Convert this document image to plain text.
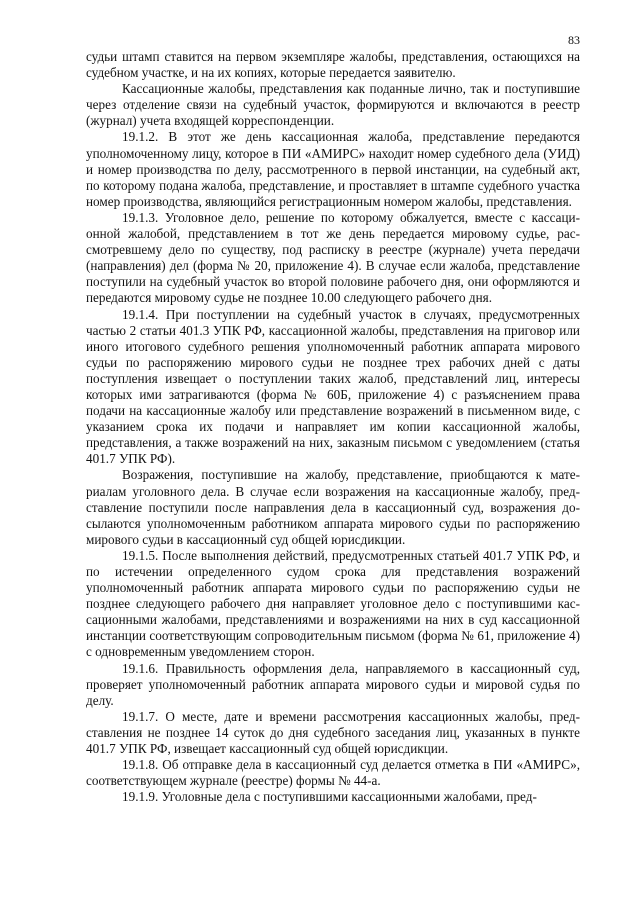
83

судьи штамп ставится на первом экземпляре жалобы, представления, остающихся на судебном участке, и на их копиях, которые передается заявителю.

Кассационные жалобы, представления как поданные лично, так и поступившие через отделение связи на судебный участок, формируются и включаются в реестр (журнал) учета входящей корреспонденции.

19.1.2. В этот же день кассационная жалоба, представление передаются уполномоченному лицу, которое в ПИ «АМИРС» находит номер судебного дела (УИД) и номер производства по делу, рассмотренного в первой инстанции, на судебный акт, по которому подана жалоба, представление, и проставляет в штампе судебного участка номер производства, являющийся регистрационным номером жалобы, представления.

19.1.3. Уголовное дело, решение по которому обжалуется, вместе с кассационной жалобой, представлением в тот же день передается мировому судье, рассмотревшему дело по существу, под расписку в реестре (журнале) учета передачи (направления) дел (форма № 20, приложение 4). В случае если жалоба, представление поступили на судебный участок во второй половине рабочего дня, они оформляются и передаются мировому судье не позднее 10.00 следующего рабочего дня.

19.1.4. При поступлении на судебный участок в случаях, предусмотренных частью 2 статьи 401.3 УПК РФ, кассационной жалобы, представления на приговор или иного итогового судебного решения уполномоченный работник аппарата мирового судьи по распоряжению мирового судьи не позднее трех рабочих дней с даты поступления извещает о поступлении таких жалоб, представлений лиц, интересы которых ими затрагиваются (форма № 60Б, приложение 4) с разъяснением права подачи на кассационные жалобу или представление возражений в письменном виде, с указанием срока их подачи и направляет им копии кассационной жалобы, представления, а также возражений на них, заказным письмом с уведомлением (статья 401.7 УПК РФ).

Возражения, поступившие на жалобу, представление, приобщаются к материалам уголовного дела. В случае если возражения на кассационные жалобу, представление поступили после направления дела в кассационный суд, возражения досылаются уполномоченным работником аппарата мирового судьи по распоряжению мирового судьи в кассационный суд общей юрисдикции.

19.1.5. После выполнения действий, предусмотренных статьей 401.7 УПК РФ, и по истечении определенного судом срока для представления возражений уполномоченный работник аппарата мирового судьи по распоряжению судьи не позднее следующего рабочего дня направляет уголовное дело с поступившими кассационными жалобами, представлениями и возражениями на них в суд кассационной инстанции соответствующим сопроводительным письмом (форма № 61, приложение 4) с одновременным уведомлением сторон.

19.1.6. Правильность оформления дела, направляемого в кассационный суд, проверяет уполномоченный работник аппарата мирового судьи и мировой судья по делу.

19.1.7. О месте, дате и времени рассмотрения кассационных жалобы, представления не позднее 14 суток до дня судебного заседания лиц, указанных в пункте 401.7 УПК РФ, извещает кассационный суд общей юрисдикции.

19.1.8. Об отправке дела в кассационный суд делается отметка в ПИ «АМИРС», соответствующем журнале (реестре) формы № 44-а.

19.1.9. Уголовные дела с поступившими кассационными жалобами, пред-
